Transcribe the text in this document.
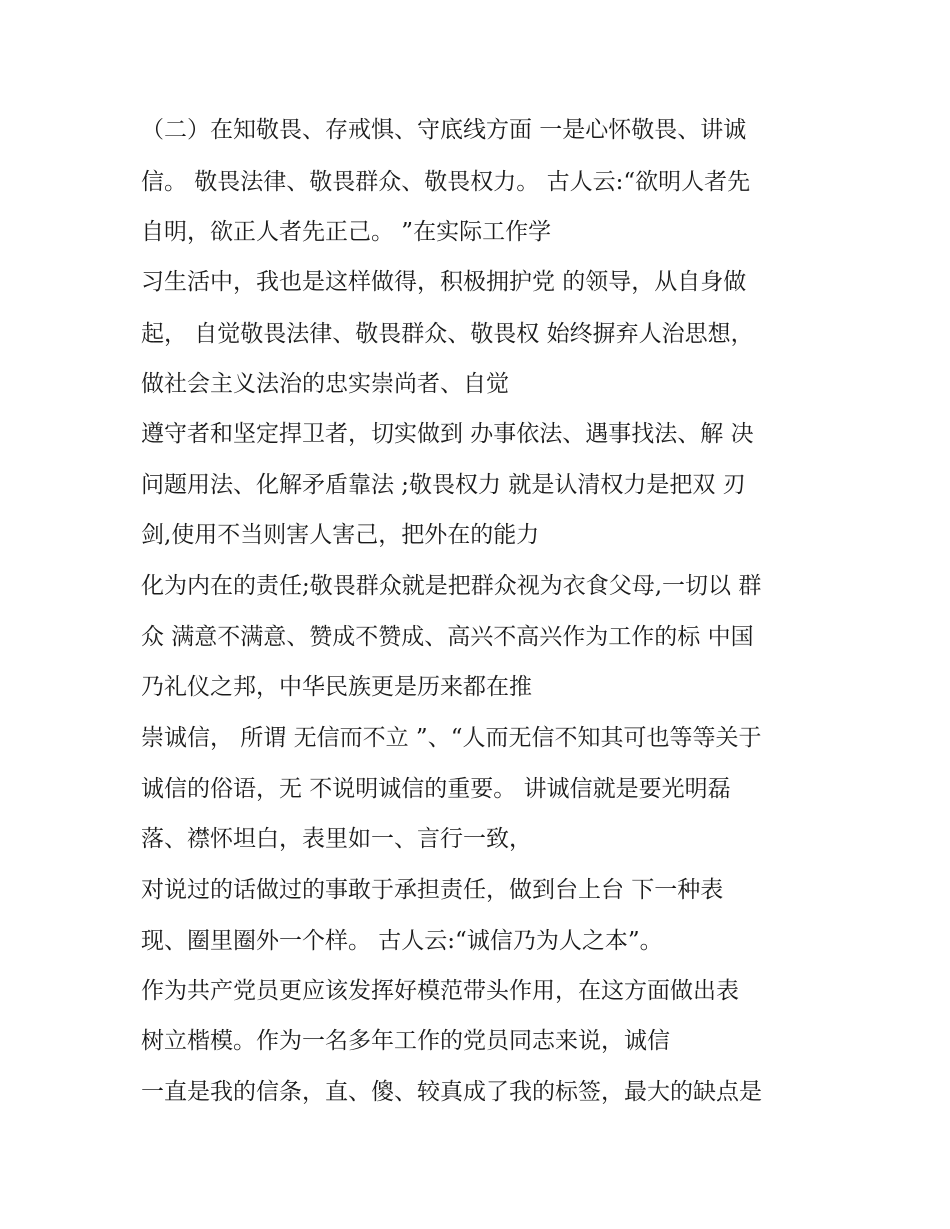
（二）在知敬畏、存戒惧、守底线方面 一是心怀敬畏、讲诚
信。 敬畏法律、敬畏群众、敬畏权力。 古人云:“欲明人者先
自明，欲正人者先正己。 ”在实际工作学
习生活中，我也是这样做得，积极拥护党 的领导，从自身做
起， 自觉敬畏法律、敬畏群众、敬畏权 始终摒弃人治思想，
做社会主义法治的忠实崇尚者、自觉
遵守者和坚定捍卫者，切实做到 办事依法、遇事找法、解 决
问题用法、化解矛盾靠法 ;敬畏权力 就是认清权力是把双 刃
剑,使用不当则害人害己，把外在的能力
化为内在的责任;敬畏群众就是把群众视为衣食父母,一切以 群
众 满意不满意、赞成不赞成、高兴不高兴作为工作的标 中国
乃礼仪之邦，中华民族更是历来都在推
崇诚信， 所谓 无信而不立 ”、“人而无信不知其可也等等关于
诚信的俗语，无 不说明诚信的重要。 讲诚信就是要光明磊
落、襟怀坦白，表里如一、言行一致，
对说过的话做过的事敢于承担责任，做到台上台 下一种表
现、圈里圈外一个样。 古人云:“诚信乃为人之本”。
作为共产党员更应该发挥好模范带头作用，在这方面做出表
树立楷模。作为一名多年工作的党员同志来说，诚信
一直是我的信条，直、傻、较真成了我的标签，最大的缺点是
